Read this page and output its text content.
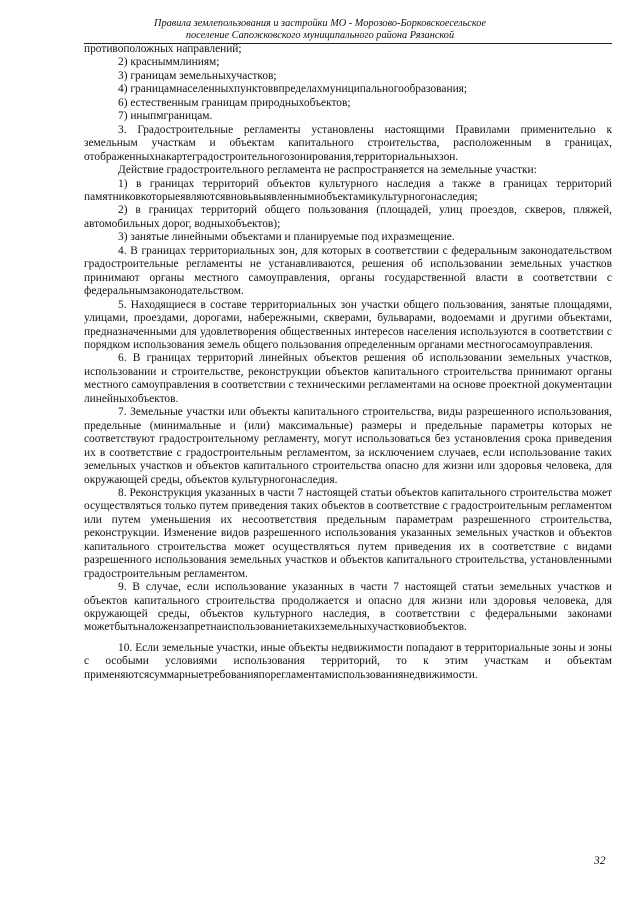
Правила землепользования и застройки МО - Морозово-Борковскоесельское
поселение Сапожковского муниципального района Рязанской

противоположных направлений;

2) красныммлиниям;

3) границам земельныхучастков;

4) границамнаселенныхпунктоввпределахмуниципальногообразования;

6) естественным границам природныхобъектов;

7) иныпмграницам.

3. Градостроительные регламенты установлены настоящими Правилами применительно к земельным участкам и объектам капитального строительства, расположенным в границах, отображенныхнакартеградостроительногозонирования,территориальныхзон.

Действие градостроительного регламента не распространяется на земельные участки:

1) в границах территорий объектов культурного наследия а также в границах территорий памятниковкоторыеявляютсявновьвыявленнымиобъектамикультурногонаследия;

2) в границах территорий общего пользования (площадей, улиц проездов, скверов, пляжей, автомобильных дорог, водныхобъектов);

3) занятые линейными объектами и планируемые под ихразмещение.

4. В границах территориальных зон, для которых в соответствии с федеральным законодательством градостроительные регламенты не устанавливаются, решения об использовании земельных участков принимают органы местного самоуправления, органы государственной власти в соответствии с федеральнымзаконодательством.

5. Находящиеся в составе территориальных зон участки общего пользования, занятые площадями, улицами, проездами, дорогами, набережными, скверами, бульварами, водоемами и другими объектами, предназначенными для удовлетворения общественных интересов населения используются в соответствии с порядком использования земель общего пользования определенным органами местногосамоуправления.

6. В границах территорий линейных объектов решения об использовании земельных участков, использовании и строительстве, реконструкции объектов капитального строительства принимают органы местного самоуправления в соответствии с техническими регламентами на основе проектной документации линейныхобъектов.

7. Земельные участки или объекты капитального строительства, виды разрешенного использования, предельные (минимальные и (или) максимальные) размеры и предельные параметры которых не соответствуют градостроительному регламенту, могут использоваться без установления срока приведения их в соответствие с градостроительным регламентом, за исключением случаев, если использование таких земельных участков и объектов капитального строительства опасно для жизни или здоровья человека, для окружающей среды, объектов культурногонаследия.

8. Реконструкция указанных в части 7 настоящей статьи объектов капитального строительства может осуществляться только путем приведения таких объектов в соответствие с градостроительным регламентом или путем уменьшения их несоответствия предельным параметрам разрешенного строительства, реконструкции. Изменение видов разрешенного использования указанных земельных участков и объектов капитального строительства может осуществляться путем приведения их в соответствие с видами разрешенного использования земельных участков и объектов капитального строительства, установленными градостроительным регламентом.

9. В случае, если использование указанных в части 7 настоящей статьи земельных участков и объектов капитального строительства продолжается и опасно для жизни или здоровья человека, для окружающей среды, объектов культурного наследия, в соответствии с федеральными законами можетбытьналожензапретнаиспользованиетакихземельныхучастковиобъектов.

10. Если земельные участки, иные объекты недвижимости попадают в территориальные зоны и зоны с особыми условиями использования территорий, то к этим участкам и объектам применяютсясуммарныетребованияпорегламентамиспользованиянедвижимости.

32
